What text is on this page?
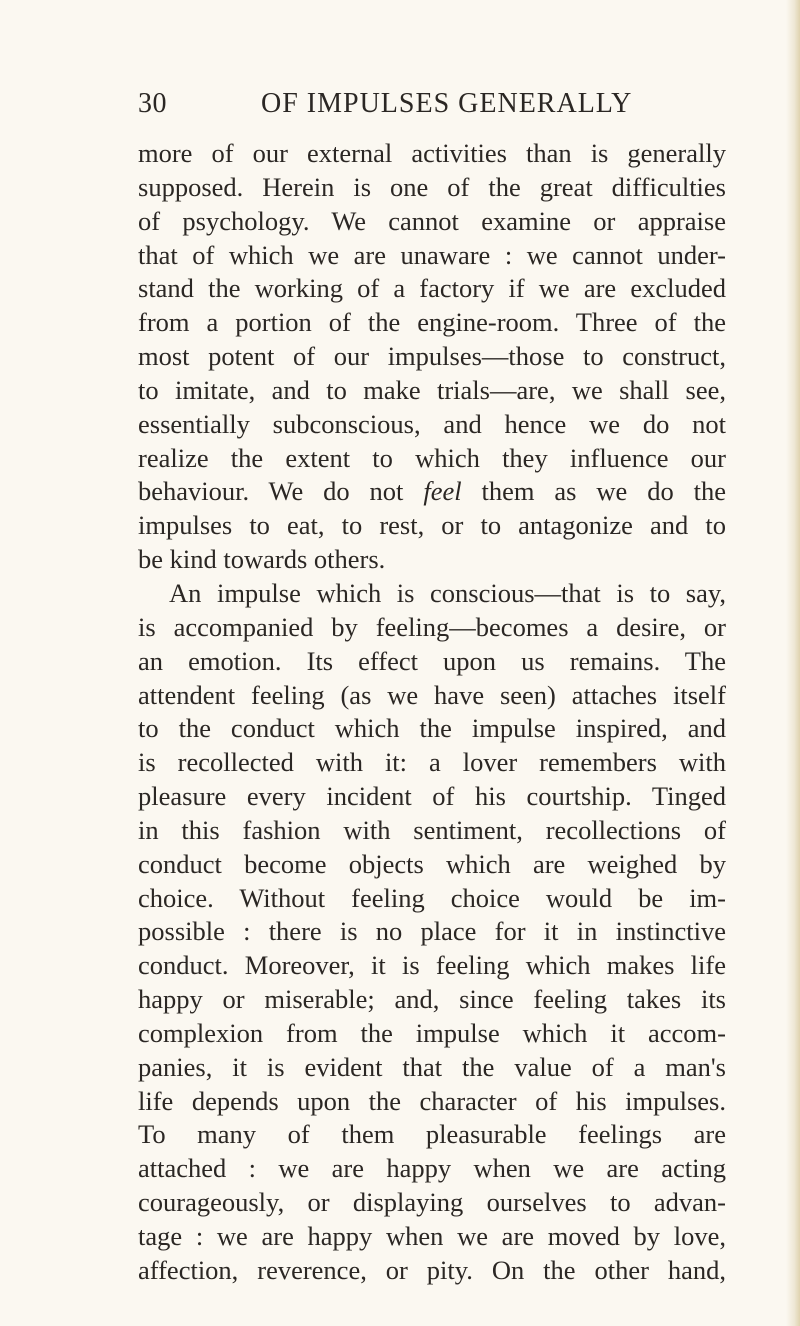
30	OF IMPULSES GENERALLY
more of our external activities than is generally
supposed. Herein is one of the great difficulties
of psychology. We cannot examine or appraise
that of which we are unaware : we cannot under-
stand the working of a factory if we are excluded
from a portion of the engine-room. Three of the
most potent of our impulses—those to construct,
to imitate, and to make trials—are, we shall see,
essentially subconscious, and hence we do not
realize the extent to which they influence our
behaviour. We do not feel them as we do the
impulses to eat, to rest, or to antagonize and to
be kind towards others.
An impulse which is conscious—that is to say,
is accompanied by feeling—becomes a desire, or
an emotion. Its effect upon us remains. The
attendent feeling (as we have seen) attaches itself
to the conduct which the impulse inspired, and
is recollected with it: a lover remembers with
pleasure every incident of his courtship. Tinged
in this fashion with sentiment, recollections of
conduct become objects which are weighed by
choice. Without feeling choice would be im-
possible : there is no place for it in instinctive
conduct. Moreover, it is feeling which makes life
happy or miserable; and, since feeling takes its
complexion from the impulse which it accom-
panies, it is evident that the value of a man's
life depends upon the character of his impulses.
To many of them pleasurable feelings are
attached : we are happy when we are acting
courageously, or displaying ourselves to advan-
tage : we are happy when we are moved by love,
affection, reverence, or pity. On the other hand,
